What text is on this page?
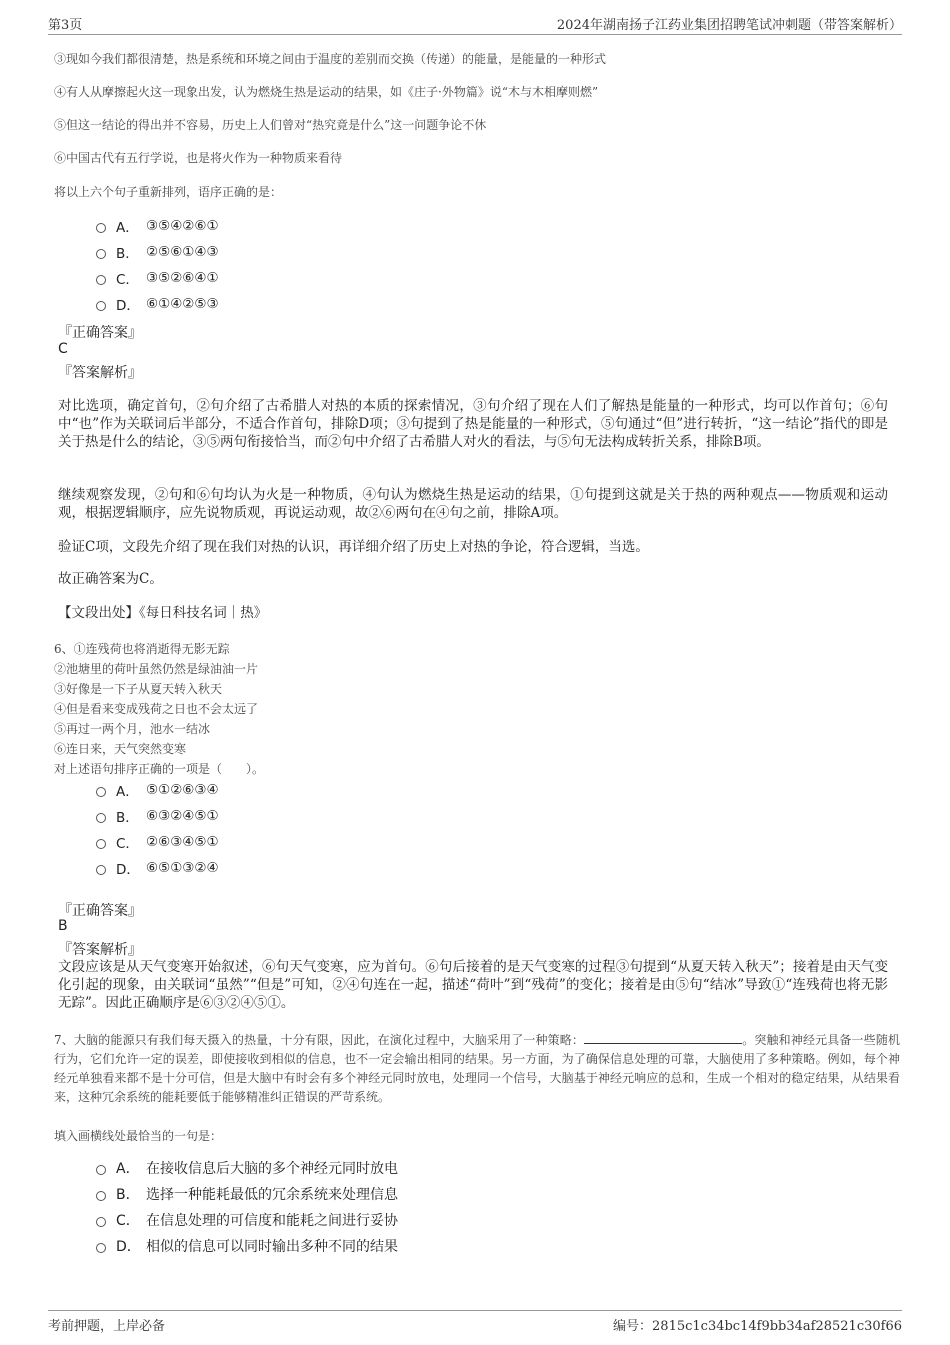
第3页	2024年湖南扬子江药业集团招聘笔试冲刺题（带答案解析）
③现如今我们都很清楚，热是系统和环境之间由于温度的差别而交换（传递）的能量，是能量的一种形式
④有人从摩擦起火这一现象出发，认为燃烧生热是运动的结果，如《庄子·外物篇》说“木与木相摩则燃”
⑤但这一结论的得出并不容易，历史上人们曾对“热究竟是什么”这一问题争论不休
⑥中国古代有五行学说，也是将火作为一种物质来看待
将以上六个句子重新排列，语序正确的是：
A． ③⑤④②⑥①
B． ②⑤⑥①④③
C． ③⑤②⑥④①
D． ⑥①④②⑤③
『正确答案』
C
『答案解析』
对比选项，确定首句，②句介绍了古希腊人对热的本质的探索情况，③句介绍了现在人们了解热是能量的一种形式，均可以作首句；⑥句中“也”作为关联词后半部分，不适合作首句，排除D项；③句提到了热是能量的一种形式，⑤句通过“但”进行转折，“这一结论”指代的即是关于热是什么的结论，③⑤两句衔接恰当，而②句中介绍了古希腊人对火的看法，与⑤句无法构成转折关系，排除B项。
继续观察发现，②句和⑥句均认为火是一种物质，④句认为燃烧生热是运动的结果，①句提到这就是关于热的两种观点——物质观和运动观，根据逻辑顺序，应先说物质观，再说运动观，故②⑥两句在④句之前，排除A项。
验证C项，文段先介绍了现在我们对热的认识，再详细介绍了历史上对热的争论，符合逻辑，当选。
故正确答案为C。
【文段出处】《每日科技名词｜热》
6、①连残荷也将消逝得无影无踪
②池塘里的荷叶虽然仍然是绿油油一片
③好像是一下子从夏天转入秋天
④但是看来变成残荷之日也不会太远了
⑤再过一两个月，池水一结冰
⑥连日来，天气突然变寒
对上述语句排序正确的一项是（　　）。
A． ⑤①②⑥③④
B． ⑥③②④⑤①
C． ②⑥③④⑤①
D． ⑥⑤①③②④
『正确答案』
B
『答案解析』
文段应该是从天气变寒开始叙述，⑥句天气变寒，应为首句。⑥句后接着的是天气变寒的过程③句提到“从夏天转入秋天”；接着是由天气变化引起的现象，由关联词“虽然”“但是”可知，②④句连在一起，描述“荷叶”到“残荷”的变化；接着是由⑤句“结冰”导致①“连残荷也将无影无踪”。因此正确顺序是⑥③②④⑤①。
7、大脑的能源只有我们每天摄入的热量，十分有限，因此，在演化过程中，大脑采用了一种策略：	。突触和神经元具备一些随机行为，它们允许一定的误差，即使接收到相似的信息，也不一定会输出相同的结果。另一方面，为了确保信息处理的可靠，大脑使用了多种策略。例如，每个神经元单独看来都不是十分可信，但是大脑中有时会有多个神经元同时放电，处理同一个信号，大脑基于神经元响应的总和，生成一个相对的稳定结果，从结果看来，这种冗余系统的能耗要低于能够精准纠正错误的严苛系统。
填入画横线处最恰当的一句是：
A． 在接收信息后大脑的多个神经元同时放电
B． 选择一种能耗最低的冗余系统来处理信息
C． 在信息处理的可信度和能耗之间进行妥协
D． 相似的信息可以同时输出多种不同的结果
考前押题，上岸必备	编号：2815c1c34bc14f9bb34af28521c30f66
